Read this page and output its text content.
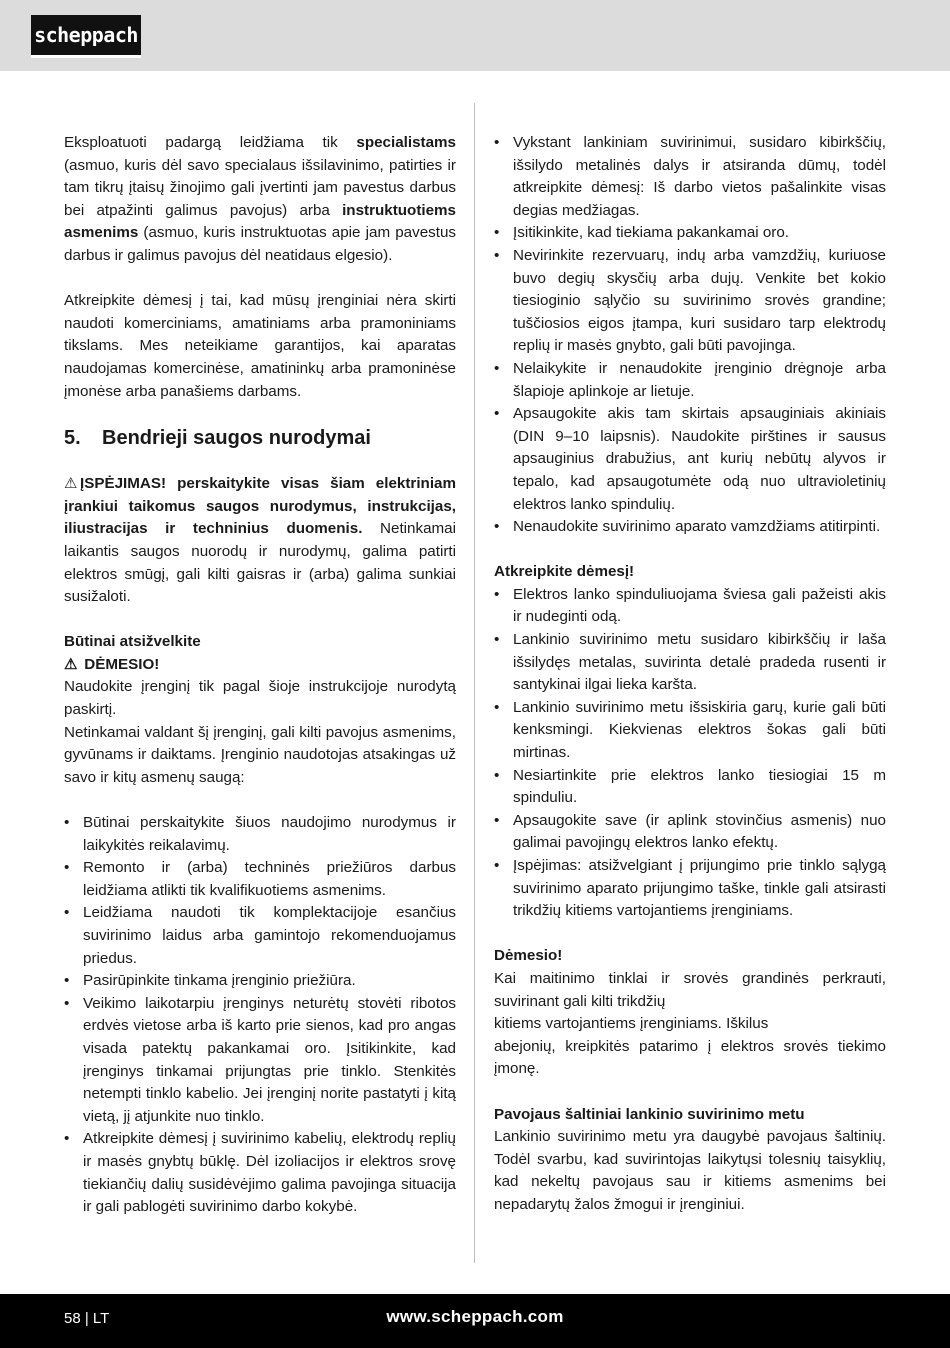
scheppach

Eksploatuoti padargą leidžiama tik specialistams (asmuo, kuris dėl savo specialaus išsilavinimo, patirties ir tam tikrų įtaisų žinojimo gali įvertinti jam pavestus darbus bei atpažinti galimus pavojus) arba instruktuotiems asmenims (asmuo, kuris instruktuotas apie jam pavestus darbus ir galimus pavojus dėl neatidaus elgesio).

Atkreipkite dėmesį į tai, kad mūsų įrenginiai nėra skirti naudoti komerciniams, amatiniams arba pramoniniams tikslams. Mes neteikiame garantijos, kai aparatas naudojamas komercinėse, amatininkų arba pramoninėse įmonėse arba panašiems darbams.

5. Bendrieji saugos nurodymai

⚠ ĮSPĖJIMAS! perskaitykite visas šiam elektriniam įrankiui taikomus saugos nurodymus, instrukcijas, iliustracijas ir techninius duomenis. Netinkamai laikantis saugos nuorodų ir nurodymų, galima patirti elektros smūgį, gali kilti gaisras ir (arba) galima sunkiai susižaloti.

Būtinai atsižvelkite

⚠ DĖMESIO!

Naudokite įrenginį tik pagal šioje instrukcijoje nurodytą paskirtį.

Netinkamai valdant šį įrenginį, gali kilti pavojus asmenims, gyvūnams ir daiktams. Įrenginio naudotojas atsakingas už savo ir kitų asmenų saugą:

• Būtinai perskaitykite šiuos naudojimo nurodymus ir laikykitės reikalavimų.
• Remonto ir (arba) techninės priežiūros darbus leidžiama atlikti tik kvalifikuotiems asmenims.
• Leidžiama naudoti tik komplektacijoje esančius suvirinimo laidus arba gamintojo rekomenduojamus priedus.
• Pasirūpinkite tinkama įrenginio priežiūra.
• Veikimo laikotarpiu įrenginys neturėtų stovėti ribotos erdvės vietose arba iš karto prie sienos, kad pro angas visada patektų pakankamai oro. Įsitikinkite, kad įrenginys tinkamai prijungtas prie tinklo. Stenkitės netempti tinklo kabelio. Jei įrenginį norite pastatyti į kitą vietą, jį atjunkite nuo tinklo.
• Atkreipkite dėmesį į suvirinimo kabelių, elektrodų replių ir masės gnybtų būklę. Dėl izoliacijos ir elektros srovę tiekiančių dalių susidėvėjimo galima pavojinga situacija ir gali pablogėti suvirinimo darbo kokybė.
• Vykstant lankiniam suvirinimui, susidaro kibirkščių, išsilydo metalinės dalys ir atsiranda dūmų, todėl atkreipkite dėmesį: Iš darbo vietos pašalinkite visas degias medžiagas.
• Įsitikinkite, kad tiekiama pakankamai oro.
• Nevirinkite rezervuarų, indų arba vamzdžių, kuriuose buvo degių skysčių arba dujų. Venkite bet kokio tiesioginio sąlyčio su suvirinimo srovės grandine; tuščiosios eigos įtampa, kuri susidaro tarp elektrodų replių ir masės gnybto, gali būti pavojinga.
• Nelaikykite ir nenaudokite įrenginio drėgnoje arba šlapioje aplinkoje ar lietuje.
• Apsaugokite akis tam skirtais apsauginiais akiniais (DIN 9–10 laipsnis). Naudokite pirštines ir sausus apsauginius drabužius, ant kurių nebūtų alyvos ir tepalo, kad apsaugotumėte odą nuo ultravioletinių elektros lanko spindulių.
• Nenaudokite suvirinimo aparato vamzdžiams atitirpinti.

Atkreipkite dėmesį!

• Elektros lanko spinduliuojama šviesa gali pažeisti akis ir nudeginti odą.
• Lankinio suvirinimo metu susidaro kibirkščių ir laša išsilydęs metalas, suvirinta detalė pradeda rusenti ir santykinai ilgai lieka karšta.
• Lankinio suvirinimo metu išsiskiria garų, kurie gali būti kenksmingi. Kiekvienas elektros šokas gali būti mirtinas.
• Nesiartinkite prie elektros lanko tiesiogiai 15 m spinduliu.
• Apsaugokite save (ir aplink stovinčius asmenis) nuo galimai pavojingų elektros lanko efektų.
• Įspėjimas: atsižvelgiant į prijungimo prie tinklo sąlygą suvirinimo aparato prijungimo taške, tinkle gali atsirasti trikdžių kitiems vartojantiems įrenginiams.

Dėmesio!

Kai maitinimo tinklai ir srovės grandinės perkrauti, suvirinant gali kilti trikdžių

kitiems vartojantiems įrenginiams. Iškilus

abejonių, kreipkitės patarimo į elektros srovės tiekimo įmonę.

Pavojaus šaltiniai lankinio suvirinimo metu

Lankinio suvirinimo metu yra daugybė pavojaus šaltinių. Todėl svarbu, kad suvirintojas laikytųsi tolesnių taisyklių, kad nekeltų pavojaus sau ir kitiems asmenims bei nepadarytų žalos žmogui ir įrenginiui.

58 | LT	www.scheppach.com
